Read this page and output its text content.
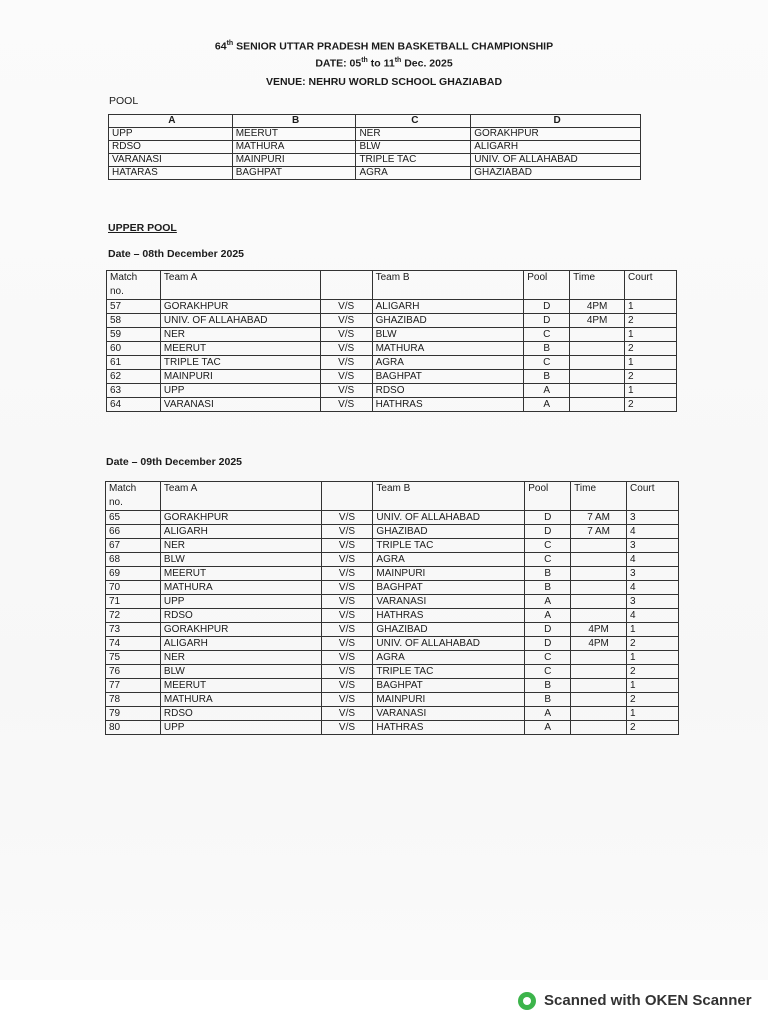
64th SENIOR UTTAR PRADESH MEN BASKETBALL CHAMPIONSHIP
DATE: 05th to 11th Dec. 2025
VENUE: NEHRU WORLD SCHOOL GHAZIABAD
POOL
A	B	C	D
UPP	MEERUT	NER	GORAKHPUR
RDSO	MATHURA	BLW	ALIGARH
VARANASI	MAINPURI	TRIPLE TAC	UNIV. OF ALLAHABAD
HATARAS	BAGHPAT	AGRA	GHAZIABAD
UPPER POOL
Date – 08th December 2025
Match
no.	Team A		Team B	Pool	Time	Court
57	GORAKHPUR	V/S	ALIGARH	D	4PM	1
58	UNIV. OF ALLAHABAD	V/S	GHAZIBAD	D	4PM	2
59	NER	V/S	BLW	C		1
60	MEERUT	V/S	MATHURA	B		2
61	TRIPLE TAC	V/S	AGRA	C		1
62	MAINPURI	V/S	BAGHPAT	B		2
63	UPP	V/S	RDSO	A		1
64	VARANASI	V/S	HATHRAS	A		2
Date – 09th December 2025
Match
no.	Team A		Team B	Pool	Time	Court
65	GORAKHPUR	V/S	UNIV. OF ALLAHABAD	D	7 AM	3
66	ALIGARH	V/S	GHAZIBAD	D	7 AM	4
67	NER	V/S	TRIPLE TAC	C		3
68	BLW	V/S	AGRA	C		4
69	MEERUT	V/S	MAINPURI	B		3
70	MATHURA	V/S	BAGHPAT	B		4
71	UPP	V/S	VARANASI	A		3
72	RDSO	V/S	HATHRAS	A		4
73	GORAKHPUR	V/S	GHAZIBAD	D	4PM	1
74	ALIGARH	V/S	UNIV. OF ALLAHABAD	D	4PM	2
75	NER	V/S	AGRA	C		1
76	BLW	V/S	TRIPLE TAC	C		2
77	MEERUT	V/S	BAGHPAT	B		1
78	MATHURA	V/S	MAINPURI	B		2
79	RDSO	V/S	VARANASI	A		1
80	UPP	V/S	HATHRAS	A		2
Scanned with OKEN Scanner
